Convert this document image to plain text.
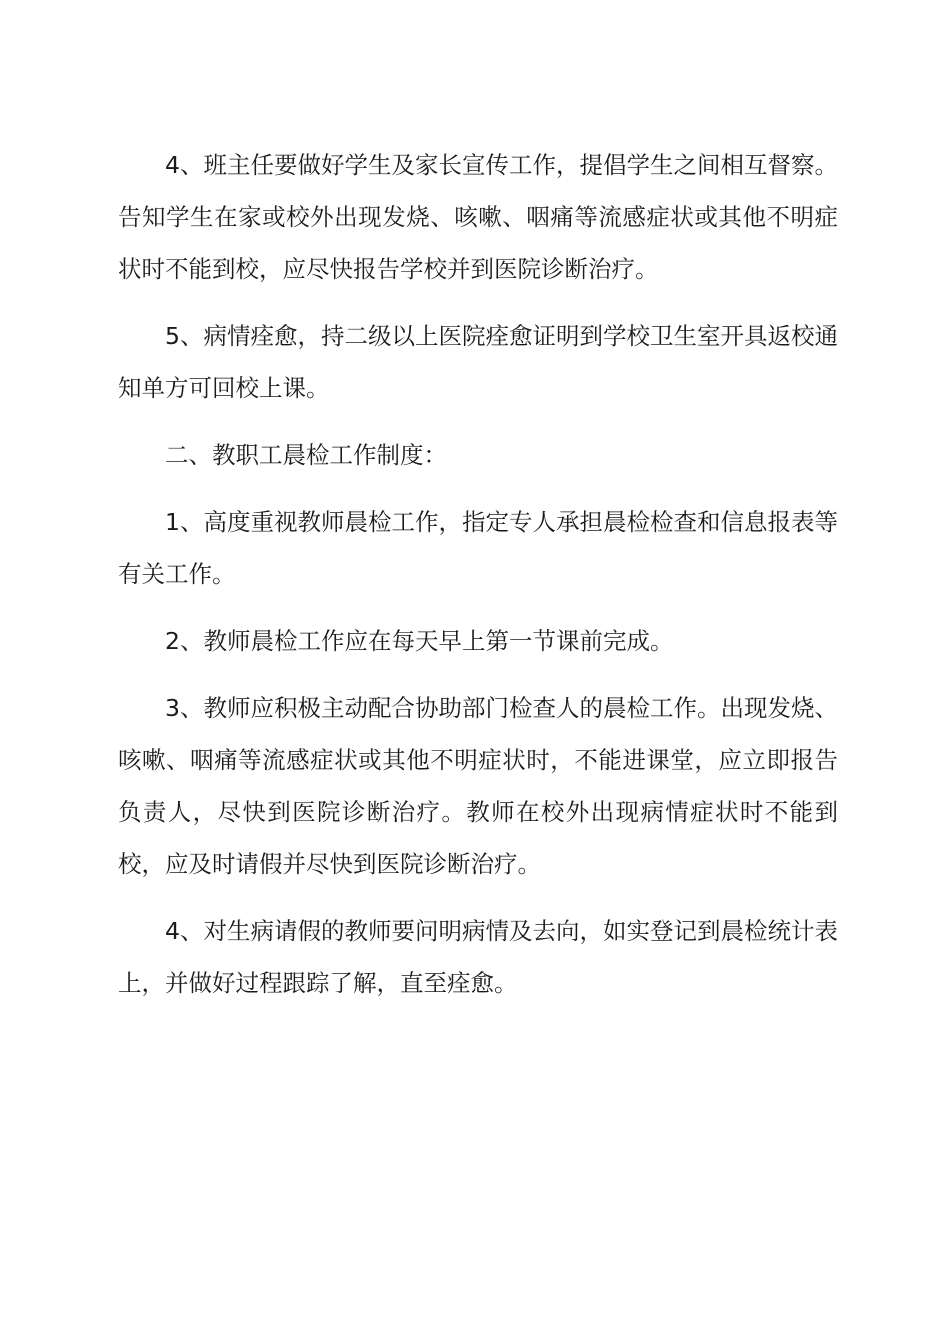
4、班主任要做好学生及家长宣传工作，提倡学生之间相互督察。告知学生在家或校外出现发烧、咳嗽、咽痛等流感症状或其他不明症状时不能到校，应尽快报告学校并到医院诊断治疗。

5、病情痊愈，持二级以上医院痊愈证明到学校卫生室开具返校通知单方可回校上课。

二、教职工晨检工作制度：

1、高度重视教师晨检工作，指定专人承担晨检检查和信息报表等有关工作。

2、教师晨检工作应在每天早上第一节课前完成。

3、教师应积极主动配合协助部门检查人的晨检工作。出现发烧、咳嗽、咽痛等流感症状或其他不明症状时，不能进课堂，应立即报告负责人，尽快到医院诊断治疗。教师在校外出现病情症状时不能到校，应及时请假并尽快到医院诊断治疗。

4、对生病请假的教师要问明病情及去向，如实登记到晨检统计表上，并做好过程跟踪了解，直至痊愈。
